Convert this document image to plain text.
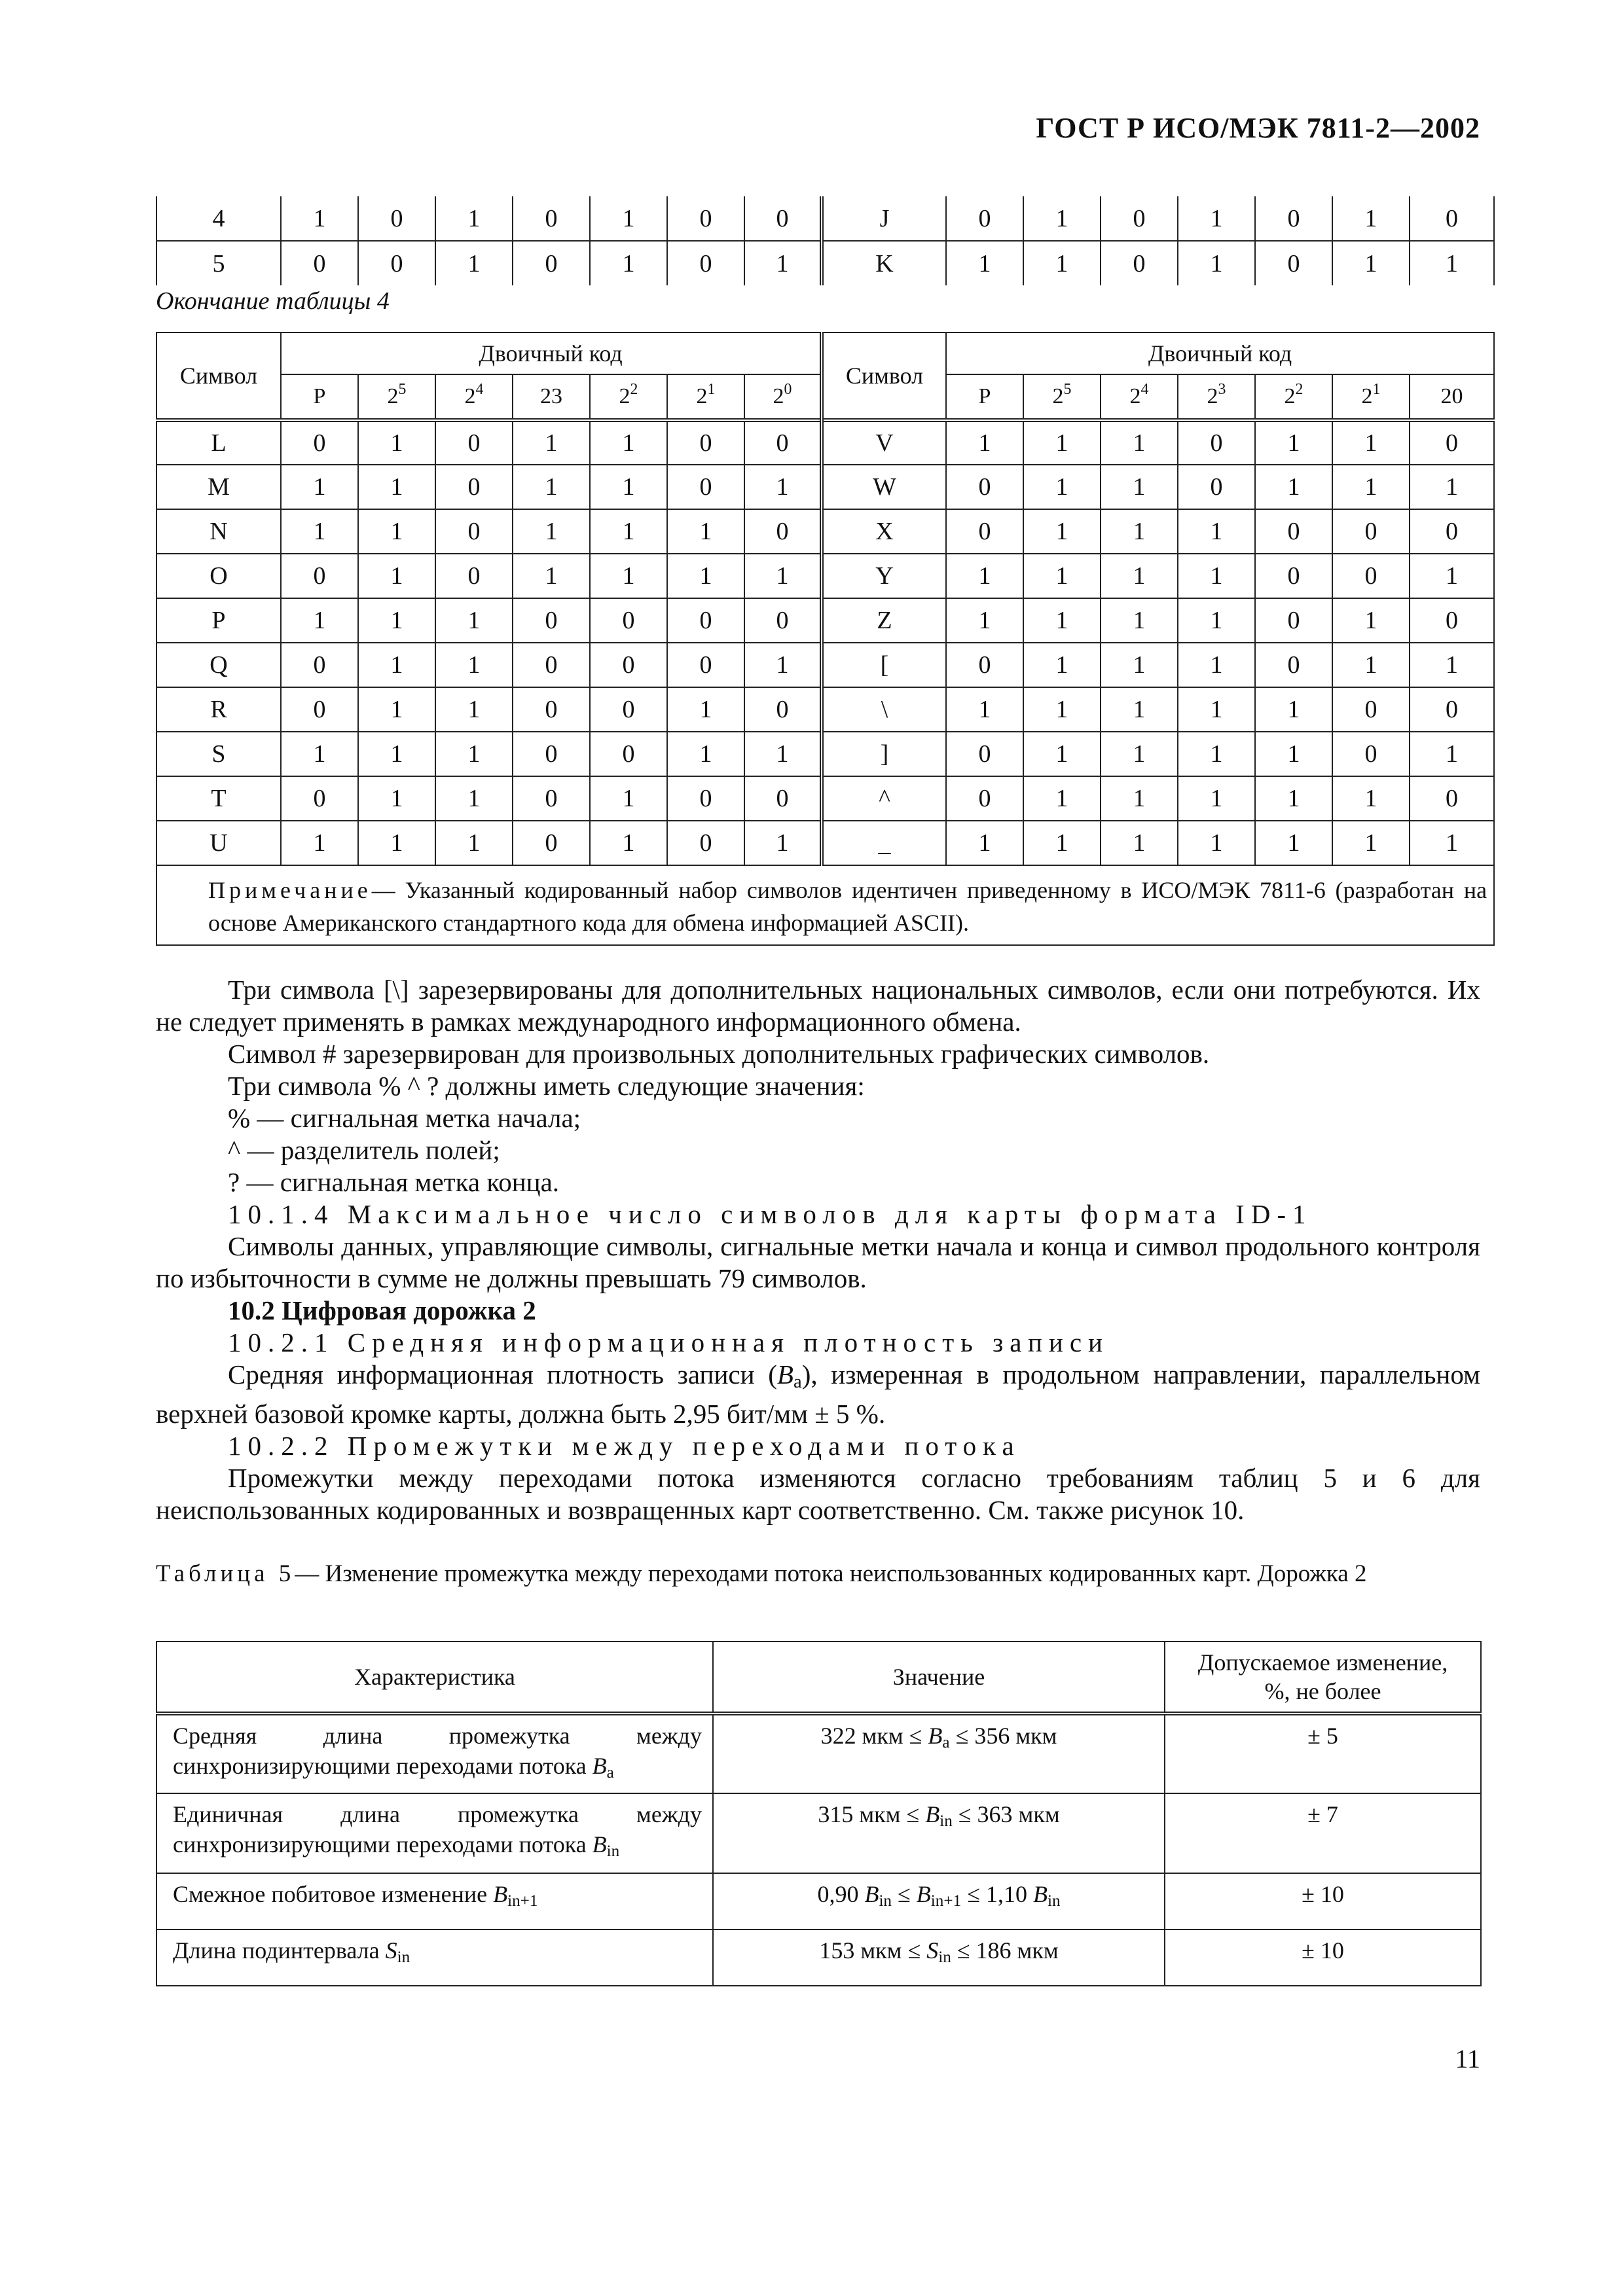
ГОСТ Р ИСО/МЭК 7811-2—2002
4	1	0	1	0	1	0	0	J	0	1	0	1	0	1	0
5	0	0	1	0	1	0	1	K	1	1	0	1	0	1	1
Окончание таблицы 4
Символ	Двоичный код							Символ	Двоичный код						
	P	$2^5$	$2^4$	23	$2^2$	$2^1$	$2^0$		P	$2^5$	$2^4$	$2^3$	$2^2$	$2^1$	20
L	0	1	0	1	1	0	0	V	1	1	1	0	1	1	0
M	1	1	0	1	1	0	1	W	0	1	1	0	1	1	1
N	1	1	0	1	1	1	0	X	0	1	1	1	0	0	0
O	0	1	0	1	1	1	1	Y	1	1	1	1	0	0	1
P	1	1	1	0	0	0	0	Z	1	1	1	1	0	1	0
Q	0	1	1	0	0	0	1	[	0	1	1	1	0	1	1
R	0	1	1	0	0	1	0	\	1	1	1	1	1	0	0
S	1	1	1	0	0	1	1	]	0	1	1	1	1	0	1
T	0	1	1	0	1	0	0	^	0	1	1	1	1	1	0
U	1	1	1	0	1	0	1	_	1	1	1	1	1	1	1
Примечание— Указанный кодированный набор символов идентичен приведенному в ИСО/МЭК 7811-6 (разработан на основе Американского стандартного кода для обмена информацией ASCII).															

Три символа [\] зарезервированы для дополнительных национальных символов, если они потребуются. Их не следует применять в рамках международного информационного обмена.

Символ # зарезервирован для произвольных дополнительных графических символов.

Три символа % ^ ? должны иметь следующие значения:

% — сигнальная метка начала;

^ — разделитель полей;

? — сигнальная метка конца.

10.1.4 Максимальное число символов для карты формата ID-1

Символы данных, управляющие символы, сигнальные метки начала и конца и символ продольного контроля по избыточности в сумме не должны превышать 79 символов.

10.2 Цифровая дорожка 2

10.2.1 Средняя информационная плотность записи

Средняя информационная плотность записи $(B_a)$, измеренная в продольном направлении, параллельном верхней базовой кромке карты, должна быть 2,95 бит/мм ± 5 %.

10.2.2 Промежутки между переходами потока

Промежутки между переходами потока изменяются согласно требованиям таблиц 5 и 6 для неиспользованных кодированных и возвращенных карт соответственно. См. также рисунок 10.

Таблица 5— Изменение промежутка между переходами потока неиспользованных кодированных карт. Дорожка 2
Характеристика	Значение	Допускаемое изменение, %, не более
Средняя длина промежутка между синхронизирующими переходами потока $B_a$	322 мкм ≤ $B_a \le 356$ мкм	± 5
Единичная длина промежутка между синхронизирующими переходами потока $B_{in}$	315 мкм ≤ $B_{in} \le 363$ мкм	± 7
Смежное побитовое изменение $B_{in+1}$	0,90 $B_{in} \le B_{in+1} \le 1,10$ $B_{in}$	± 10
Длина подинтервала $S_{in}$	153 мкм ≤ $S_{in} \le 186$ мкм	± 10
11
